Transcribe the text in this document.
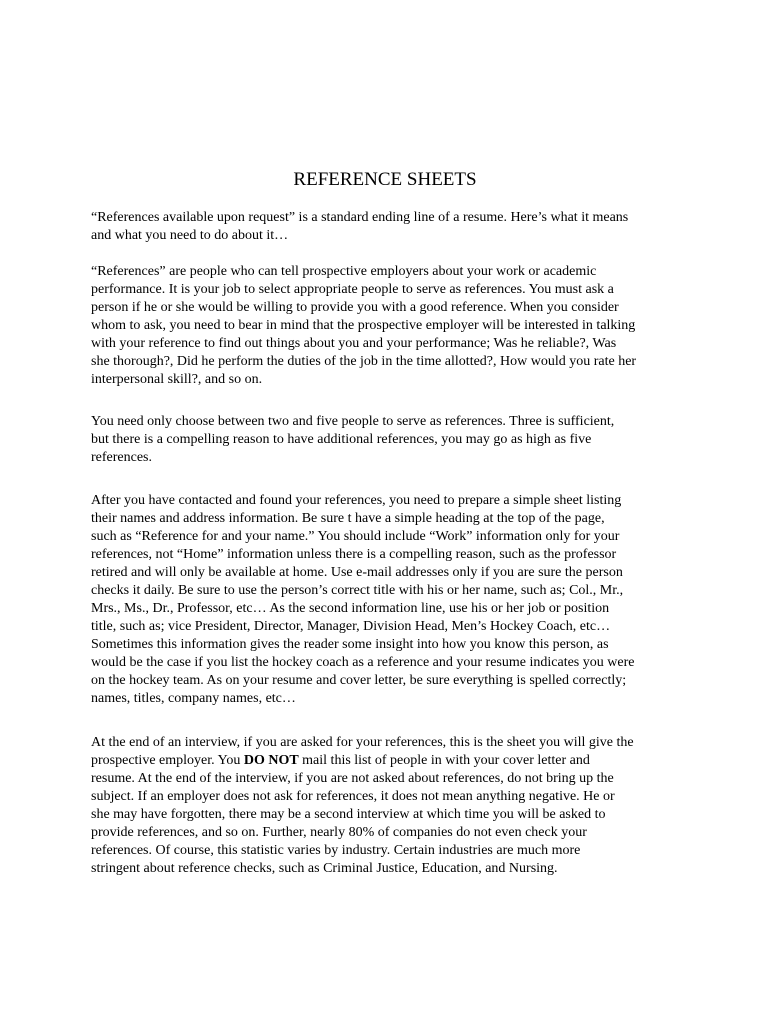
REFERENCE SHEETS
“References available upon request” is a standard ending line of a resume. Here’s what it means
and what you need to do about it…
“References” are people who can tell prospective employers about your work or academic
performance. It is your job to select appropriate people to serve as references. You must ask a
person if he or she would be willing to provide you with a good reference. When you consider
whom to ask, you need to bear in mind that the prospective employer will be interested in talking
with your reference to find out things about you and your performance; Was he reliable?, Was
she thorough?, Did he perform the duties of the job in the time allotted?, How would you rate her
interpersonal skill?, and so on.
You need only choose between two and five people to serve as references. Three is sufficient,
but there is a compelling reason to have additional references, you may go as high as five
references.
After you have contacted and found your references, you need to prepare a simple sheet listing
their names and address information. Be sure t have a simple heading at the top of the page,
such as “Reference for and your name.” You should include “Work” information only for your
references, not “Home” information unless there is a compelling reason, such as the professor
retired and will only be available at home. Use e-mail addresses only if you are sure the person
checks it daily. Be sure to use the person’s correct title with his or her name, such as; Col., Mr.,
Mrs., Ms., Dr., Professor, etc… As the second information line, use his or her job or position
title, such as; vice President, Director, Manager, Division Head, Men’s Hockey Coach, etc…
Sometimes this information gives the reader some insight into how you know this person, as
would be the case if you list the hockey coach as a reference and your resume indicates you were
on the hockey team. As on your resume and cover letter, be sure everything is spelled correctly;
names, titles, company names, etc…
At the end of an interview, if you are asked for your references, this is the sheet you will give the
prospective employer. You DO NOT mail this list of people in with your cover letter and
resume. At the end of the interview, if you are not asked about references, do not bring up the
subject. If an employer does not ask for references, it does not mean anything negative. He or
she may have forgotten, there may be a second interview at which time you will be asked to
provide references, and so on. Further, nearly 80% of companies do not even check your
references. Of course, this statistic varies by industry. Certain industries are much more
stringent about reference checks, such as Criminal Justice, Education, and Nursing.
